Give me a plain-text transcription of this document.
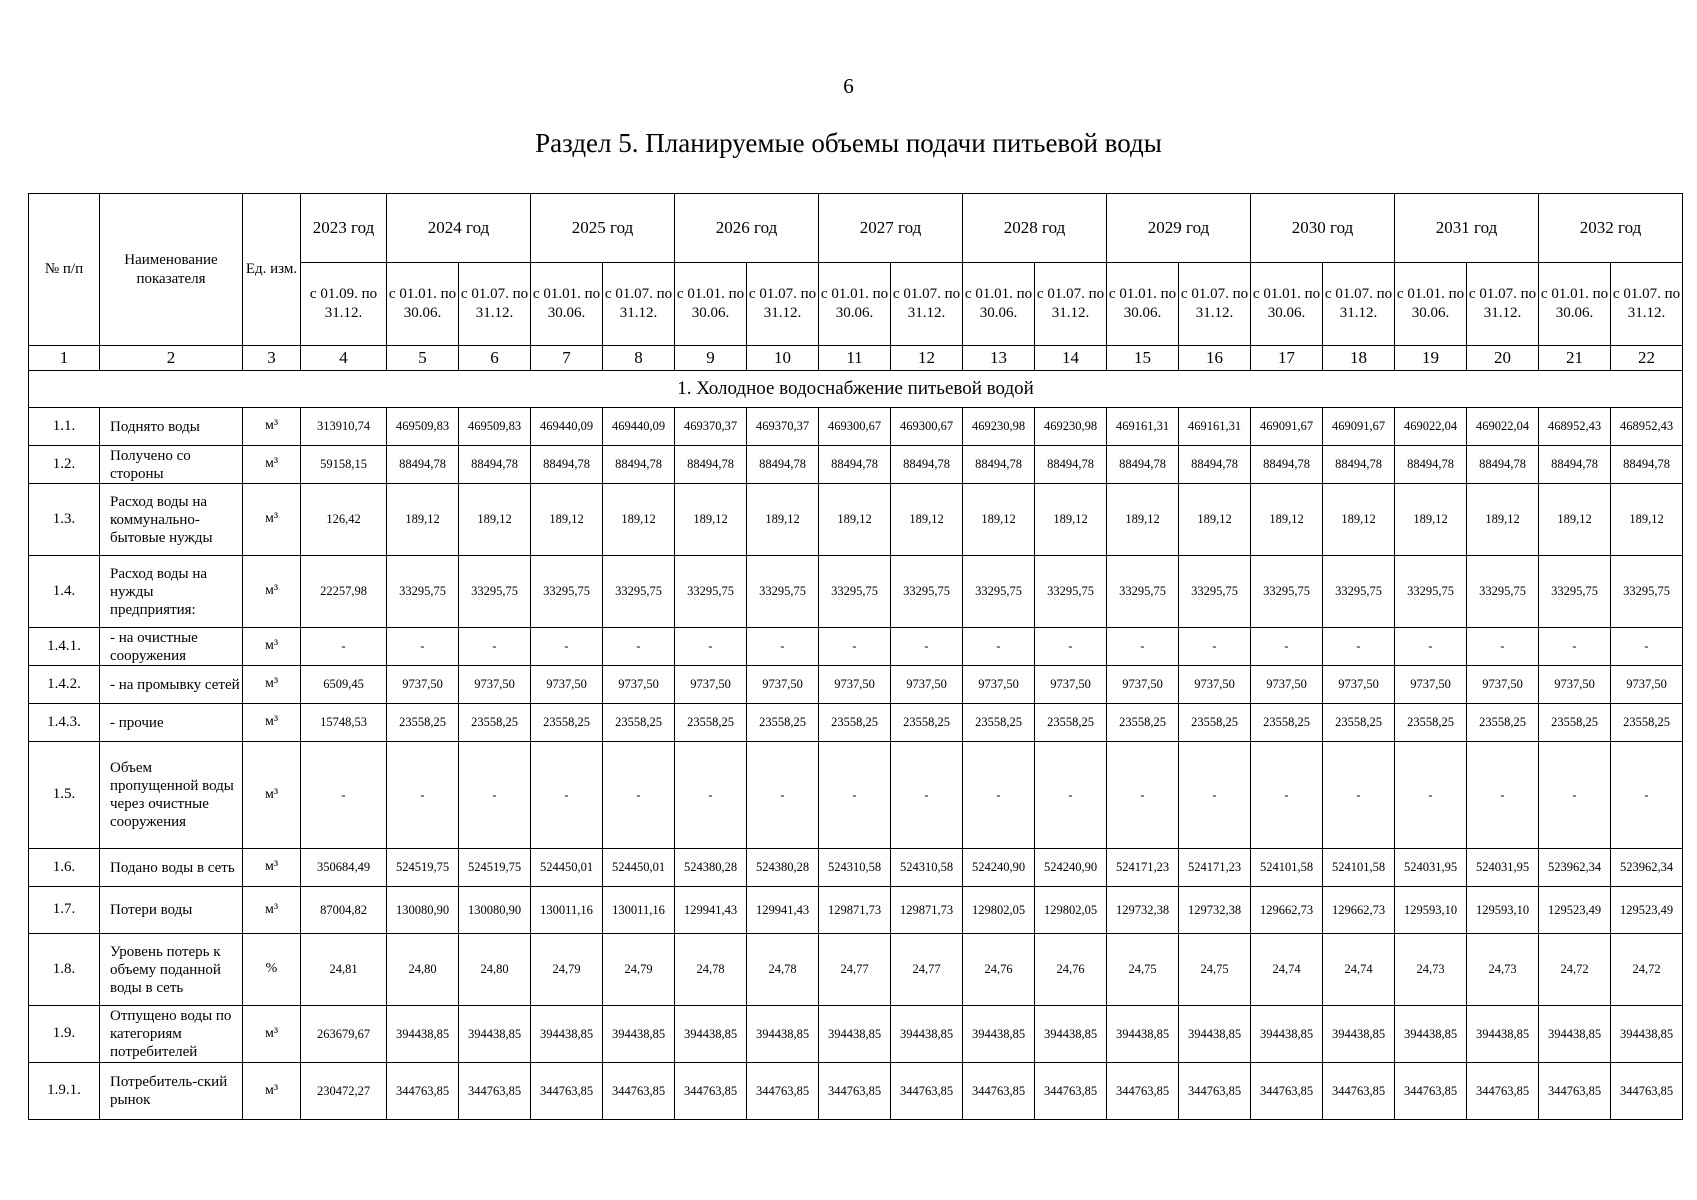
6
Раздел 5. Планируемые объемы подачи питьевой воды
№ п/п	Наименование показателя	Ед. изм.	2023 год	2024 год		2025 год		2026 год		2027 год		2028 год		2029 год		2030 год		2031 год		2032 год	
			с 01.09. по 31.12.	с 01.01. по 30.06.	с 01.07. по 31.12.	с 01.01. по 30.06.	с 01.07. по 31.12.	с 01.01. по 30.06.	с 01.07. по 31.12.	с 01.01. по 30.06.	с 01.07. по 31.12.	с 01.01. по 30.06.	с 01.07. по 31.12.	с 01.01. по 30.06.	с 01.07. по 31.12.	с 01.01. по 30.06.	с 01.07. по 31.12.	с 01.01. по 30.06.	с 01.07. по 31.12.	с 01.01. по 30.06.	с 01.07. по 31.12.
1	2	3	4	5	6	7	8	9	10	11	12	13	14	15	16	17	18	19	20	21	22
1. Холодное водоснабжение питьевой водой																					
1.1.	Поднято воды	м³	313910,74	469509,83	469509,83	469440,09	469440,09	469370,37	469370,37	469300,67	469300,67	469230,98	469230,98	469161,31	469161,31	469091,67	469091,67	469022,04	469022,04	468952,43	468952,43
1.2.	Получено со стороны	м³	59158,15	88494,78	88494,78	88494,78	88494,78	88494,78	88494,78	88494,78	88494,78	88494,78	88494,78	88494,78	88494,78	88494,78	88494,78	88494,78	88494,78	88494,78	88494,78
1.3.	Расход воды на коммунально-бытовые нужды	м³	126,42	189,12	189,12	189,12	189,12	189,12	189,12	189,12	189,12	189,12	189,12	189,12	189,12	189,12	189,12	189,12	189,12	189,12	189,12
1.4.	Расход воды на нужды предприятия:	м³	22257,98	33295,75	33295,75	33295,75	33295,75	33295,75	33295,75	33295,75	33295,75	33295,75	33295,75	33295,75	33295,75	33295,75	33295,75	33295,75	33295,75	33295,75	33295,75
1.4.1.	- на очистные сооружения	м³	-	-	-	-	-	-	-	-	-	-	-	-	-	-	-	-	-	-	-
1.4.2.	- на промывку сетей	м³	6509,45	9737,50	9737,50	9737,50	9737,50	9737,50	9737,50	9737,50	9737,50	9737,50	9737,50	9737,50	9737,50	9737,50	9737,50	9737,50	9737,50	9737,50	9737,50
1.4.3.	- прочие	м³	15748,53	23558,25	23558,25	23558,25	23558,25	23558,25	23558,25	23558,25	23558,25	23558,25	23558,25	23558,25	23558,25	23558,25	23558,25	23558,25	23558,25	23558,25	23558,25
1.5.	Объем пропущенной воды через очистные сооружения	м³	-	-	-	-	-	-	-	-	-	-	-	-	-	-	-	-	-	-	-
1.6.	Подано воды в сеть	м³	350684,49	524519,75	524519,75	524450,01	524450,01	524380,28	524380,28	524310,58	524310,58	524240,90	524240,90	524171,23	524171,23	524101,58	524101,58	524031,95	524031,95	523962,34	523962,34
1.7.	Потери воды	м³	87004,82	130080,90	130080,90	130011,16	130011,16	129941,43	129941,43	129871,73	129871,73	129802,05	129802,05	129732,38	129732,38	129662,73	129662,73	129593,10	129593,10	129523,49	129523,49
1.8.	Уровень потерь к объему поданной воды в сеть	%	24,81	24,80	24,80	24,79	24,79	24,78	24,78	24,77	24,77	24,76	24,76	24,75	24,75	24,74	24,74	24,73	24,73	24,72	24,72
1.9.	Отпущено воды по категориям потребителей	м³	263679,67	394438,85	394438,85	394438,85	394438,85	394438,85	394438,85	394438,85	394438,85	394438,85	394438,85	394438,85	394438,85	394438,85	394438,85	394438,85	394438,85	394438,85	394438,85
1.9.1.	Потребитель-ский рынок	м³	230472,27	344763,85	344763,85	344763,85	344763,85	344763,85	344763,85	344763,85	344763,85	344763,85	344763,85	344763,85	344763,85	344763,85	344763,85	344763,85	344763,85	344763,85	344763,85
